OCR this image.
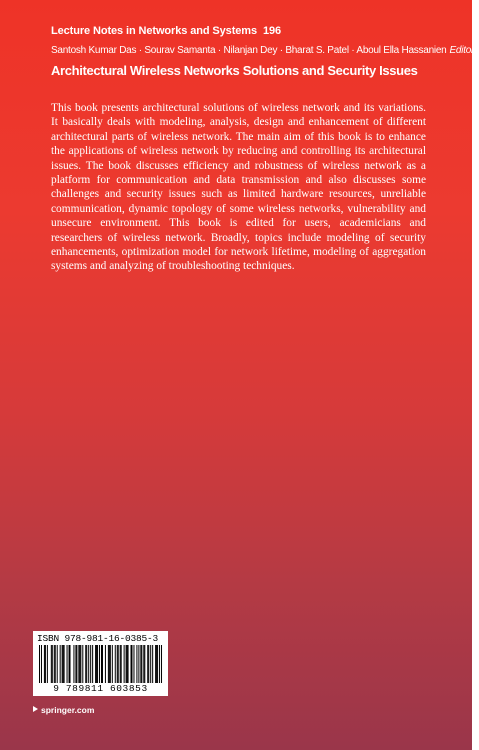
Lecture Notes in Networks and Systems 196
Santosh Kumar Das · Sourav Samanta · Nilanjan Dey · Bharat S. Patel · Aboul Ella Hassanien Editors
Architectural Wireless Networks Solutions and Security Issues

This book presents architectural solutions of wireless network and its variations. It basically deals with modeling, analysis, design and enhancement of different architectural parts of wireless network. The main aim of this book is to enhance the applications of wireless network by reducing and controlling its architectural issues. The book discusses efficiency and robustness of wireless network as a platform for communication and data transmission and also discusses some challenges and security issues such as limited hardware resources, unreliable communication, dynamic topology of some wireless networks, vulnerability and unsecure environment. This book is edited for users, academicians and researchers of wireless network. Broadly, topics include modeling of security enhancements, optimization model for network lifetime, modeling of aggregation systems and analyzing of troubleshooting techniques.

ISBN 978-981-16-0385-3
9 789811 603853
springer.com
